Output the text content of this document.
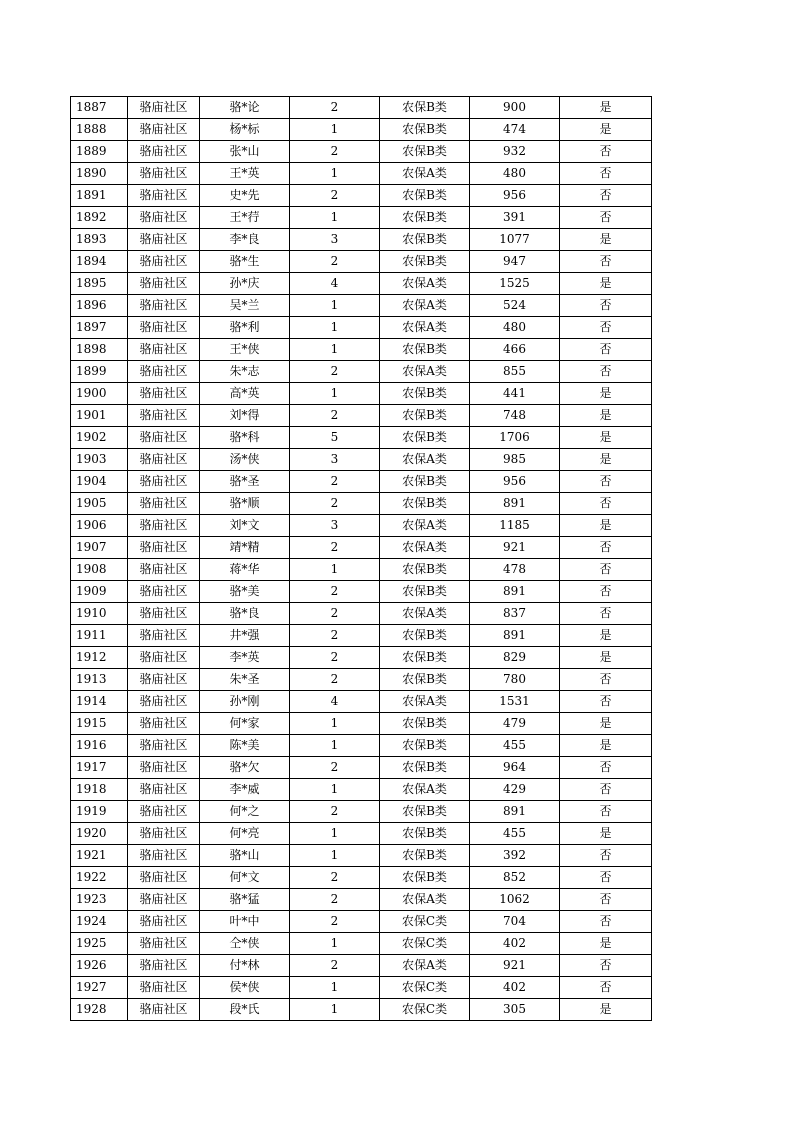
1887	骆庙社区	骆*论	2	农保B类	900	是
1888	骆庙社区	杨*标	1	农保B类	474	是
1889	骆庙社区	张*山	2	农保B类	932	否
1890	骆庙社区	王*英	1	农保A类	480	否
1891	骆庙社区	史*先	2	农保B类	956	否
1892	骆庙社区	王*荇	1	农保B类	391	否
1893	骆庙社区	李*良	3	农保B类	1077	是
1894	骆庙社区	骆*生	2	农保B类	947	否
1895	骆庙社区	孙*庆	4	农保A类	1525	是
1896	骆庙社区	吴*兰	1	农保A类	524	否
1897	骆庙社区	骆*利	1	农保A类	480	否
1898	骆庙社区	王*侠	1	农保B类	466	否
1899	骆庙社区	朱*志	2	农保A类	855	否
1900	骆庙社区	高*英	1	农保B类	441	是
1901	骆庙社区	刘*得	2	农保B类	748	是
1902	骆庙社区	骆*科	5	农保B类	1706	是
1903	骆庙社区	汤*侠	3	农保A类	985	是
1904	骆庙社区	骆*圣	2	农保B类	956	否
1905	骆庙社区	骆*顺	2	农保B类	891	否
1906	骆庙社区	刘*文	3	农保A类	1185	是
1907	骆庙社区	靖*精	2	农保A类	921	否
1908	骆庙社区	蒋*华	1	农保B类	478	否
1909	骆庙社区	骆*美	2	农保B类	891	否
1910	骆庙社区	骆*良	2	农保A类	837	否
1911	骆庙社区	井*强	2	农保B类	891	是
1912	骆庙社区	李*英	2	农保B类	829	是
1913	骆庙社区	朱*圣	2	农保B类	780	否
1914	骆庙社区	孙*刚	4	农保A类	1531	否
1915	骆庙社区	何*家	1	农保B类	479	是
1916	骆庙社区	陈*美	1	农保B类	455	是
1917	骆庙社区	骆*欠	2	农保B类	964	否
1918	骆庙社区	李*威	1	农保A类	429	否
1919	骆庙社区	何*之	2	农保B类	891	否
1920	骆庙社区	何*亮	1	农保B类	455	是
1921	骆庙社区	骆*山	1	农保B类	392	否
1922	骆庙社区	何*文	2	农保B类	852	否
1923	骆庙社区	骆*猛	2	农保A类	1062	否
1924	骆庙社区	叶*中	2	农保C类	704	否
1925	骆庙社区	仝*侠	1	农保C类	402	是
1926	骆庙社区	付*林	2	农保A类	921	否
1927	骆庙社区	侯*侠	1	农保C类	402	否
1928	骆庙社区	段*氏	1	农保C类	305	是
